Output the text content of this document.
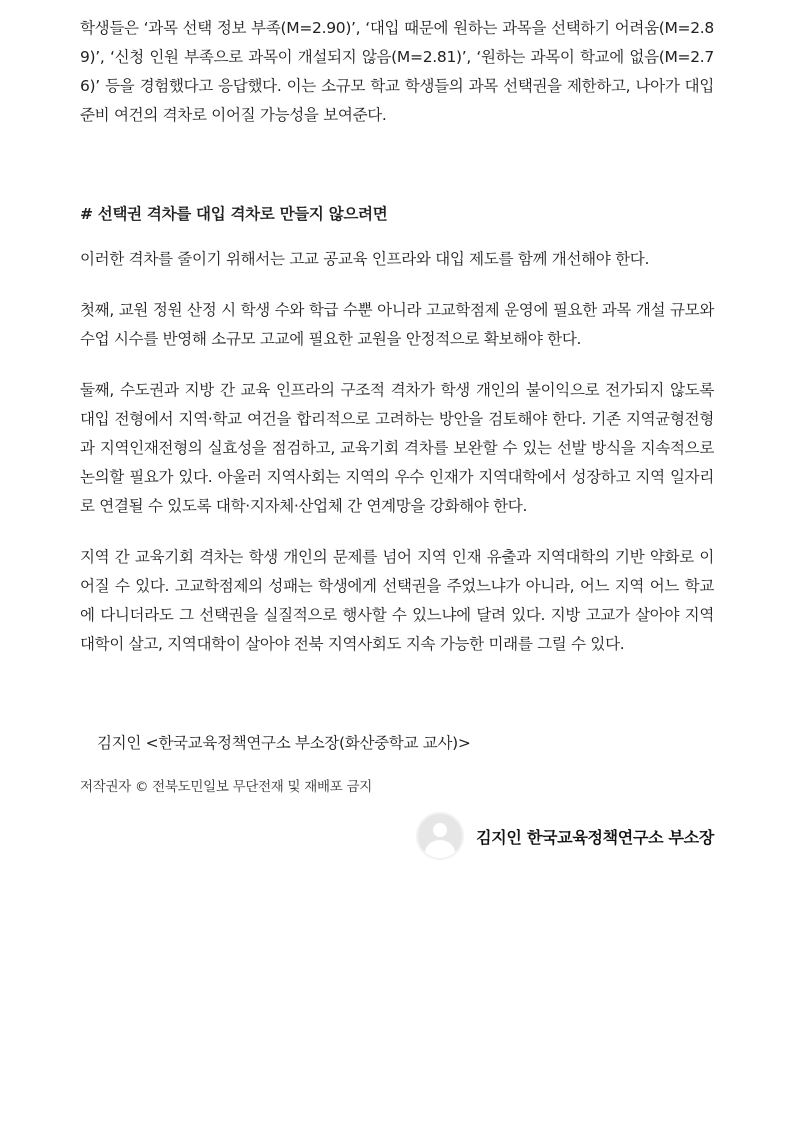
학생들은 ‘과목 선택 정보 부족(M=2.90)’, ‘대입 때문에 원하는 과목을 선택하기 어려움(M=2.89)’, ‘신청 인원 부족으로 과목이 개설되지 않음(M=2.81)’, ‘원하는 과목이 학교에 없음(M=2.76)’ 등을 경험했다고 응답했다. 이는 소규모 학교 학생들의 과목 선택권을 제한하고, 나아가 대입 준비 여건의 격차로 이어질 가능성을 보여준다.

# 선택권 격차를 대입 격차로 만들지 않으려면

이러한 격차를 줄이기 위해서는 고교 공교육 인프라와 대입 제도를 함께 개선해야 한다.

첫째, 교원 정원 산정 시 학생 수와 학급 수뿐 아니라 고교학점제 운영에 필요한 과목 개설 규모와 수업 시수를 반영해 소규모 고교에 필요한 교원을 안정적으로 확보해야 한다.

둘째, 수도권과 지방 간 교육 인프라의 구조적 격차가 학생 개인의 불이익으로 전가되지 않도록 대입 전형에서 지역·학교 여건을 합리적으로 고려하는 방안을 검토해야 한다. 기존 지역균형전형과 지역인재전형의 실효성을 점검하고, 교육기회 격차를 보완할 수 있는 선발 방식을 지속적으로 논의할 필요가 있다. 아울러 지역사회는 지역의 우수 인재가 지역대학에서 성장하고 지역 일자리로 연결될 수 있도록 대학·지자체·산업체 간 연계망을 강화해야 한다.

지역 간 교육기회 격차는 학생 개인의 문제를 넘어 지역 인재 유출과 지역대학의 기반 약화로 이어질 수 있다. 고교학점제의 성패는 학생에게 선택권을 주었느냐가 아니라, 어느 지역 어느 학교에 다니더라도 그 선택권을 실질적으로 행사할 수 있느냐에 달려 있다. 지방 고교가 살아야 지역대학이 살고, 지역대학이 살아야 전북 지역사회도 지속 가능한 미래를 그릴 수 있다.

김지인 <한국교육정책연구소 부소장(화산중학교 교사)>

저작권자 © 전북도민일보 무단전재 및 재배포 금지

김지인 한국교육정책연구소 부소장
